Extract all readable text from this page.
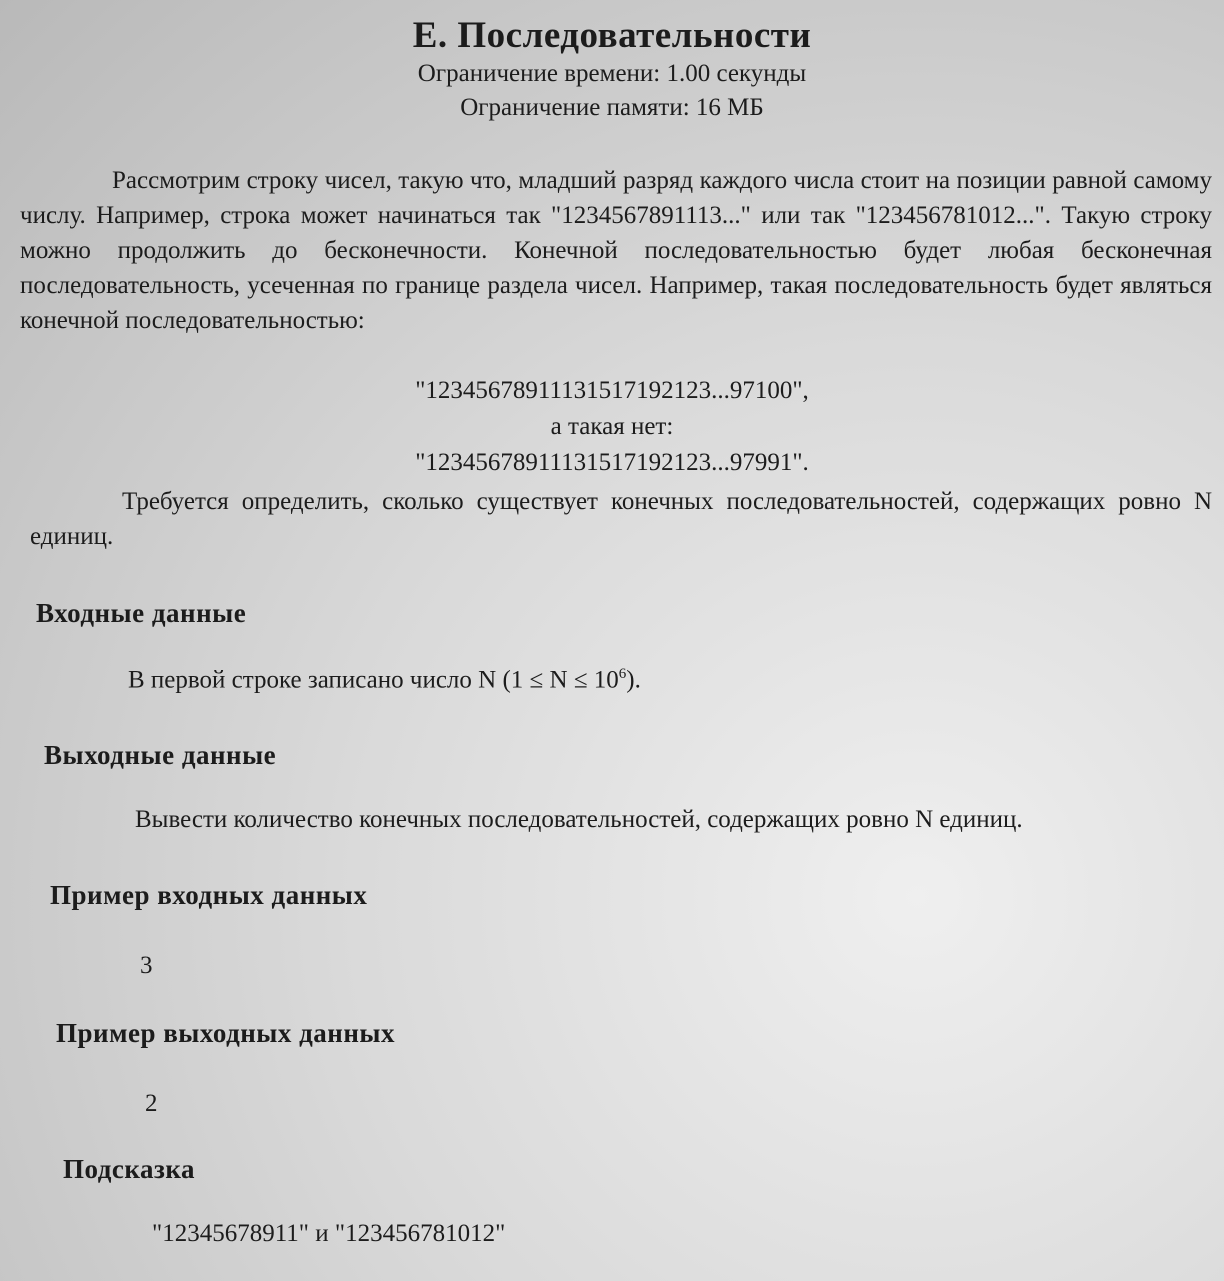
Е. Последовательности
Ограничение времени: 1.00 секунды
Ограничение памяти: 16 МБ
Рассмотрим строку чисел, такую что, младший разряд каждого числа стоит на позиции равной самому числу. Например, строка может начинаться так "1234567891113..." или так "123456781012...". Такую строку можно продолжить до бесконечности. Конечной последовательностью будет любая бесконечная последовательность, усеченная по границе раздела чисел. Например, такая последовательность будет являться конечной последовательностью:
"12345678911131517192123...97100",
а такая нет:
"12345678911131517192123...97991".
Требуется определить, сколько существует конечных последовательностей, содержащих ровно N единиц.
Входные данные
В первой строке записано число N $(1 \le N \le 10^6)$.
Выходные данные
Вывести количество конечных последовательностей, содержащих ровно N единиц.
Пример входных данных
3
Пример выходных данных
2
Подсказка
"12345678911" и "123456781012"
